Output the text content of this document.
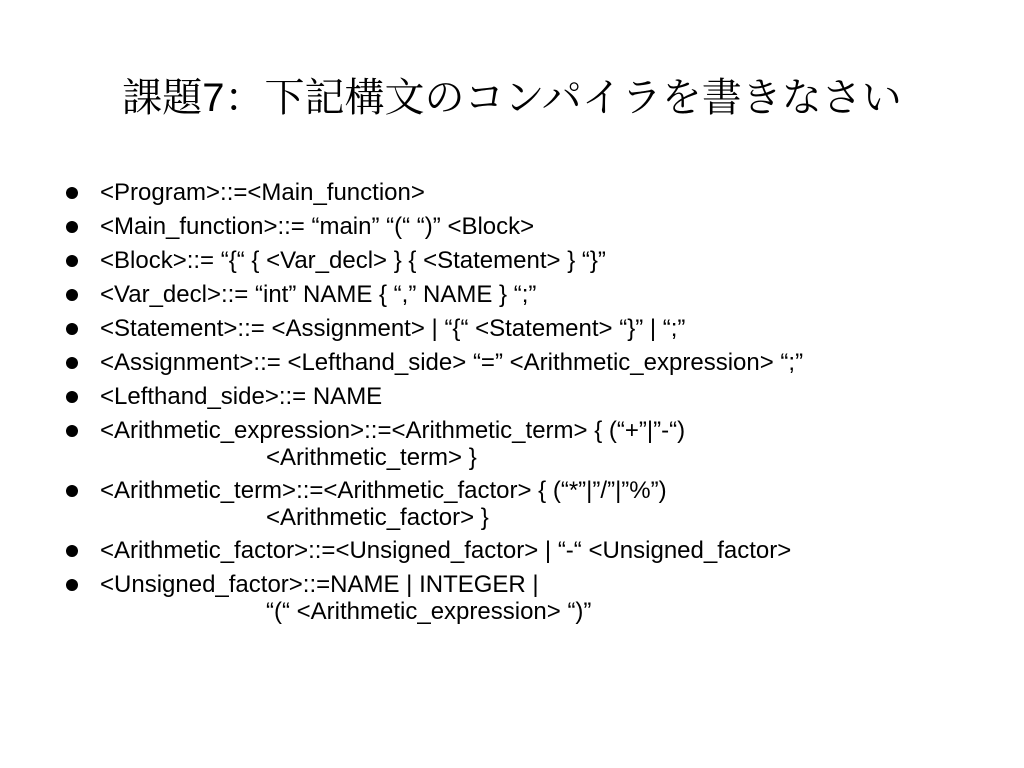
課題7：下記構文のコンパイラを書きなさい
<Program>::=<Main_function>
<Main_function>::= “main” “(“ “)” <Block>
<Block>::= “{“ { <Var_decl> } { <Statement> } “}”
<Var_decl>::= “int” NAME { “,” NAME } “;”
<Statement>::= <Assignment> | “{“ <Statement> “}” | “;”
<Assignment>::= <Lefthand_side> “=” <Arithmetic_expression> “;”
<Lefthand_side>::= NAME
<Arithmetic_expression>::=<Arithmetic_term> { (“+”|”-“)
<Arithmetic_term> }
<Arithmetic_term>::=<Arithmetic_factor> { (“*”|”/”|”%”)
<Arithmetic_factor> }
<Arithmetic_factor>::=<Unsigned_factor> | “-“ <Unsigned_factor>
<Unsigned_factor>::=NAME | INTEGER |
“(“ <Arithmetic_expression> “)”
